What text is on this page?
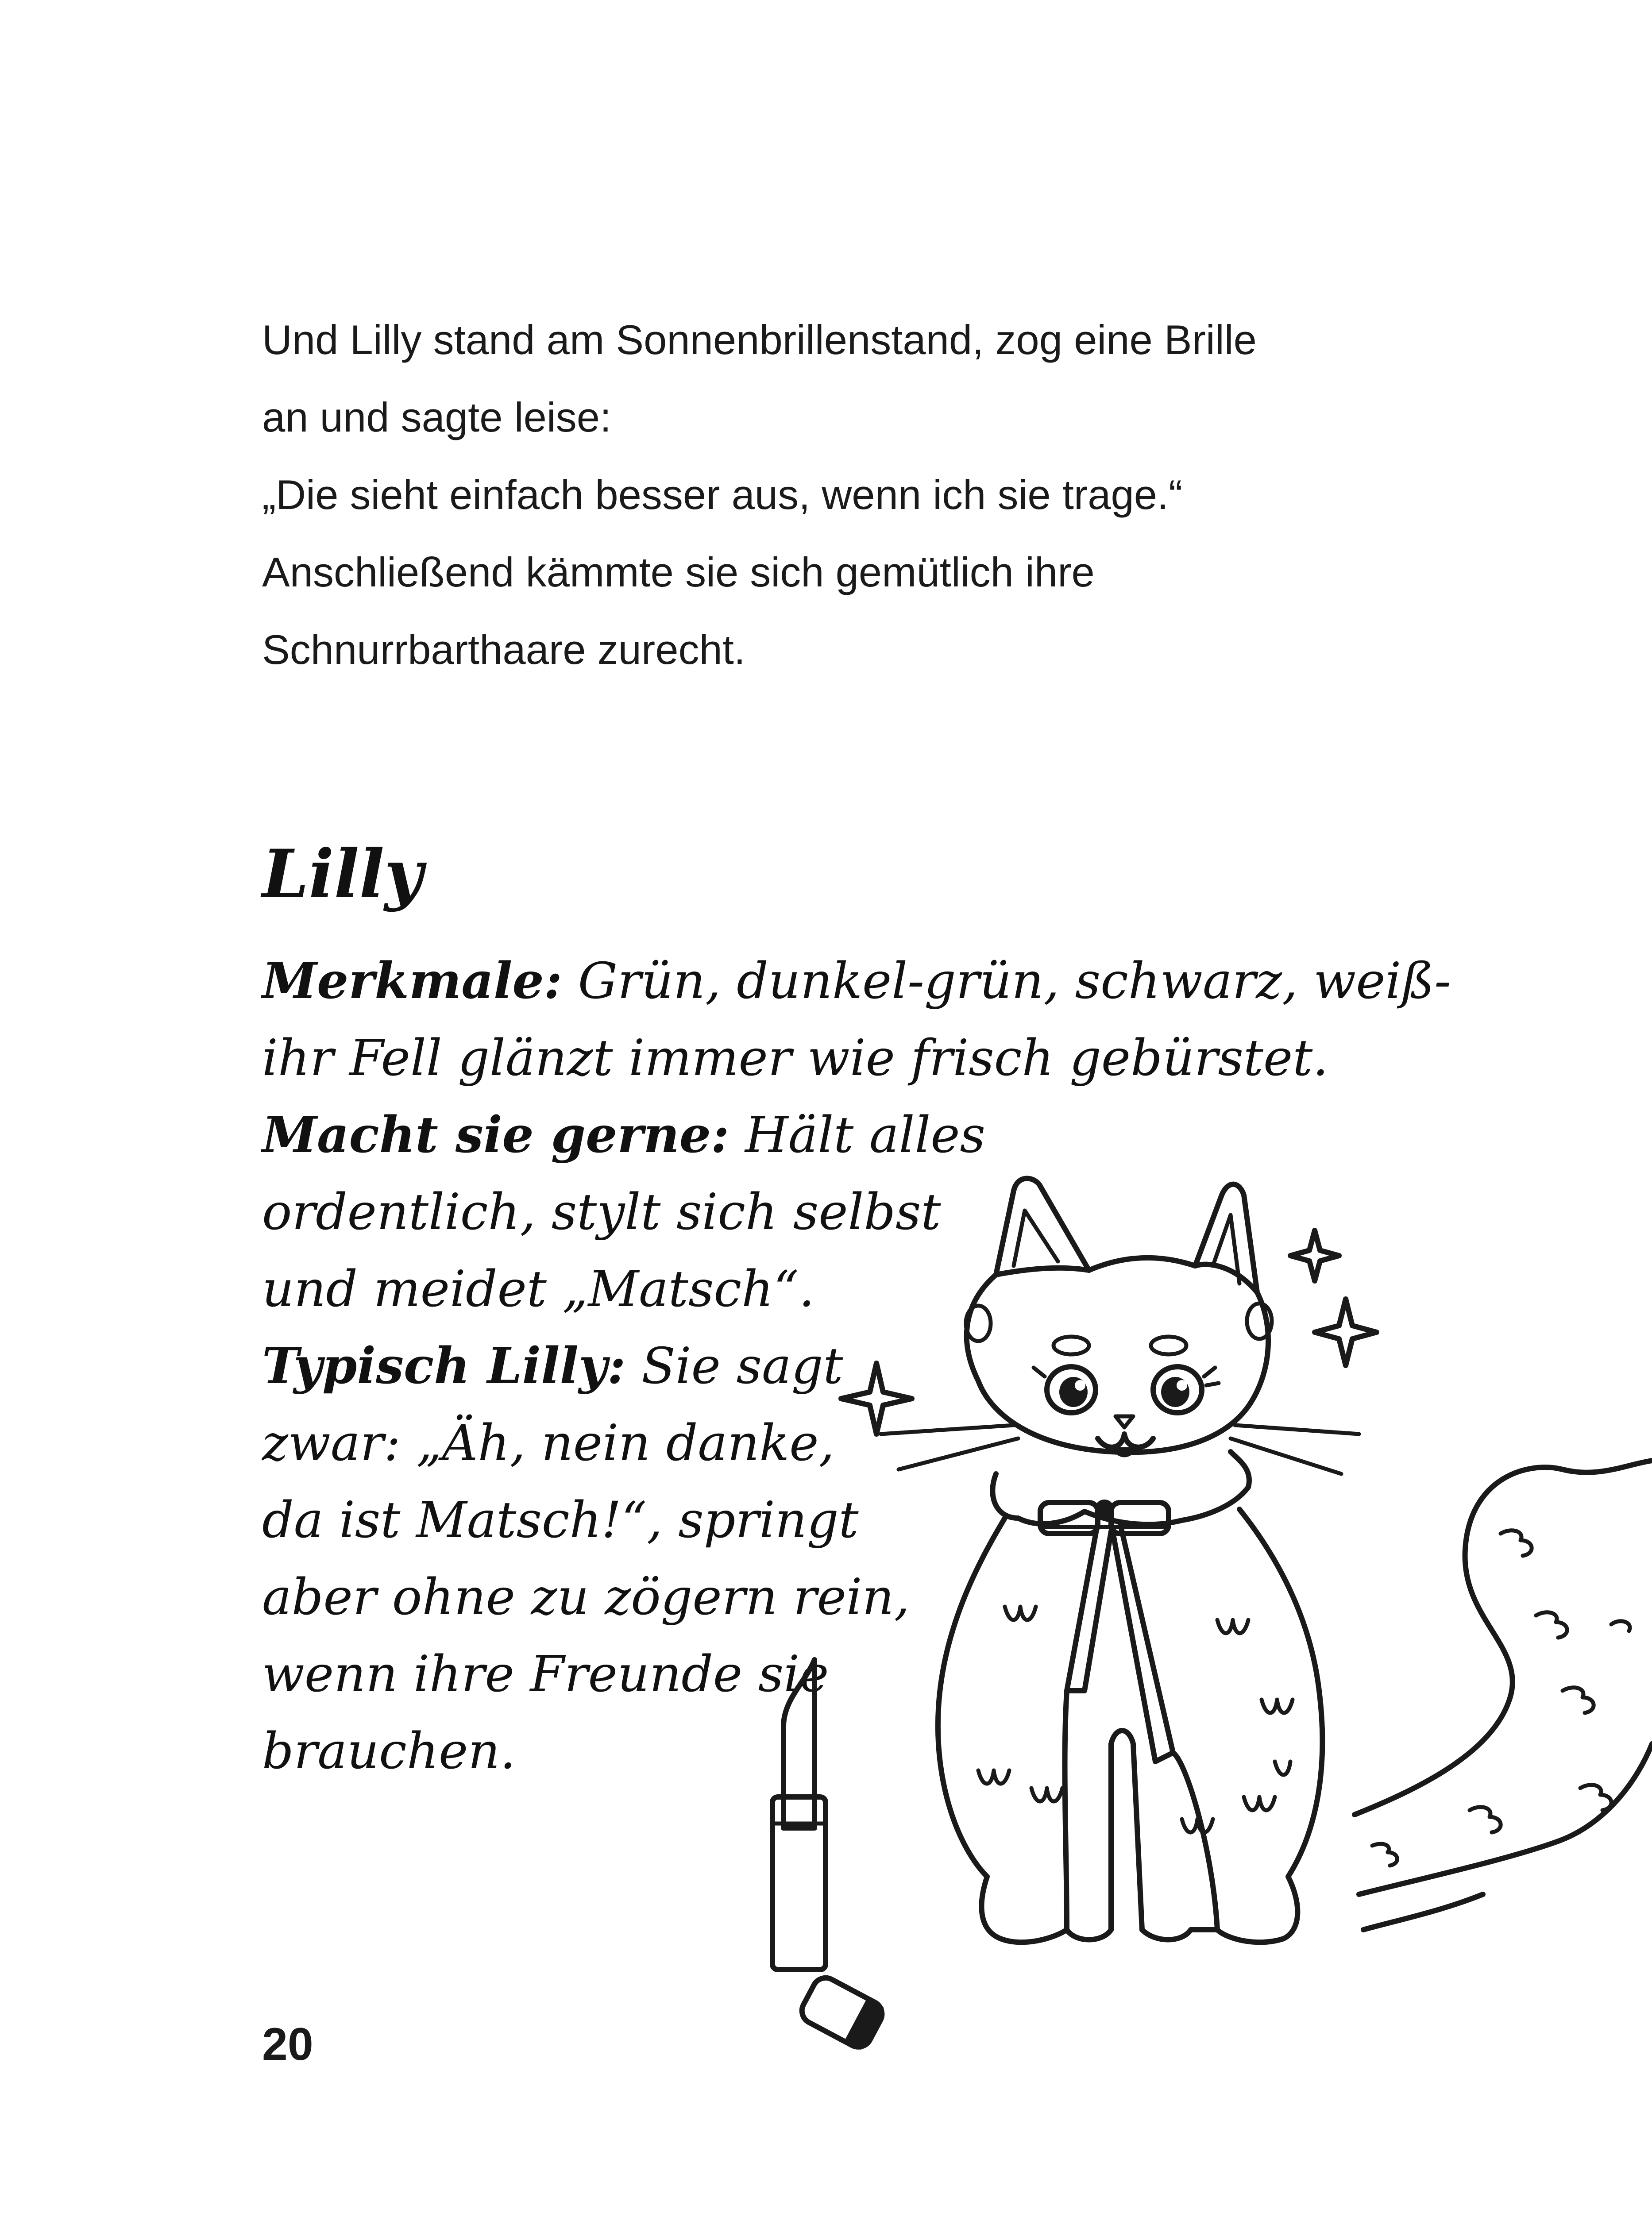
Und Lilly stand am Sonnenbrillenstand, zog eine Brille
an und sagte leise:
„Die sieht einfach besser aus, wenn ich sie trage.“
Anschließend kämmte sie sich gemütlich ihre
Schnurrbarthaare zurecht.
Lilly
Merkmale: Grün, dunkel-grün, schwarz, weiß-
ihr Fell glänzt immer wie frisch gebürstet.
Macht sie gerne: Hält alles
ordentlich, stylt sich selbst
und meidet „Matsch“.
Typisch Lilly: Sie sagt
zwar: „Äh, nein danke,
da ist Matsch!“, springt
aber ohne zu zögern rein,
wenn ihre Freunde sie
brauchen.
20
